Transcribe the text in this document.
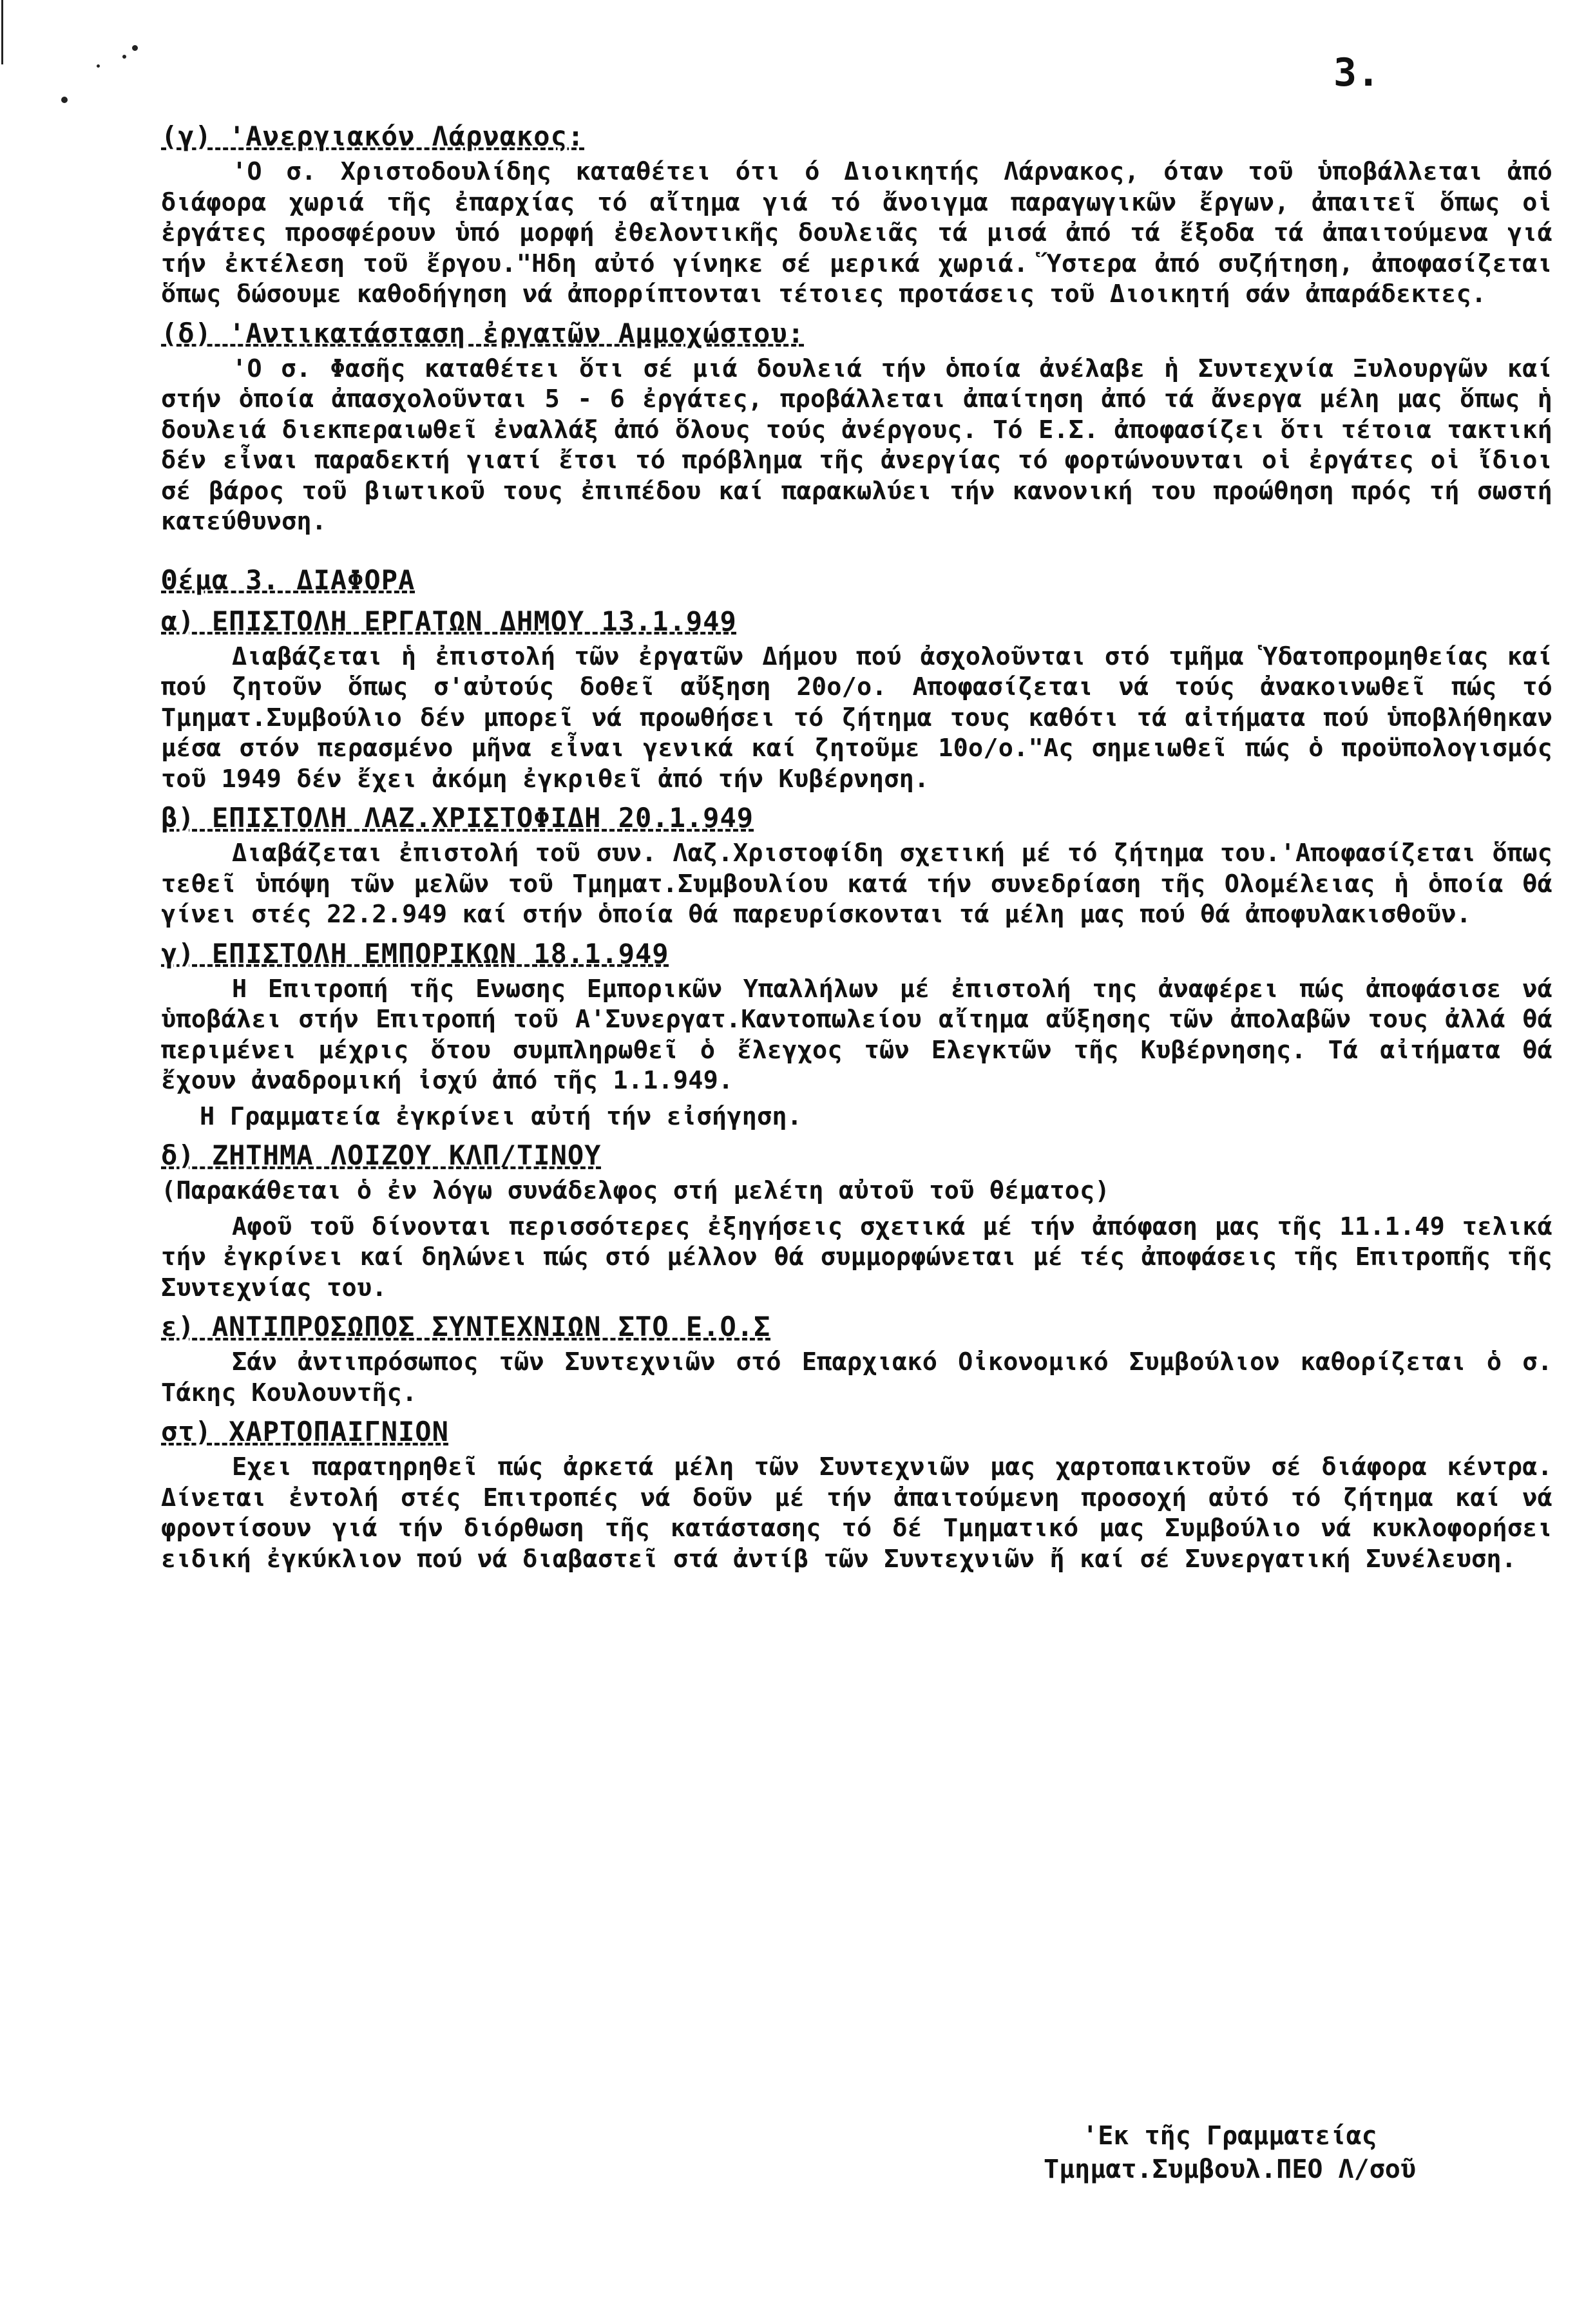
3.
(γ) 'Ανεργιακόν Λάρνακος:

'Ο σ. Χριστοδουλίδης καταθέτει ότι ό Διοικητής Λάρνακος, όταν τοῦ ὑποβάλλεται ἀπό διάφορα χωριά τῆς ἐπαρχίας τό αἴτημα γιά τό ἄνοιγμα παραγωγικῶν ἔργων, ἀπαιτεῖ ὅπως οἱ ἐργάτες προσφέρουν ὑπό μορφή ἐθελοντικῆς δουλειᾶς τά μισά ἀπό τά ἔξοδα τά ἀπαιτούμενα γιά τήν ἐκτέλεση τοῦ ἔργου."Ηδη αὐτό γίνηκε σέ μερικά χωριά. Ὕστερα ἀπό συζήτηση, ἀποφασίζεται ὅπως δώσουμε καθοδήγηση νά ἀπορρίπτονται τέτοιες προτάσεις τοῦ Διοικητή σάν ἀπαράδεκτες.

(δ) 'Αντικατάσταση ἐργατῶν Αμμοχώστου:

'Ο σ. Φασῆς καταθέτει ὅτι σέ μιά δουλειά τήν ὁποία ἀνέλαβε ἡ Συντεχνία Ξυλουργῶν καί στήν ὁποία ἀπασχολοῦνται 5 - 6 ἐργάτες, προβάλλεται ἀπαίτηση ἀπό τά ἄνεργα μέλη μας ὅπως ἡ δουλειά διεκπεραιωθεῖ ἐναλλάξ ἀπό ὅλους τούς ἀνέργους. Τό Ε.Σ. ἀποφασίζει ὅτι τέτοια τακτική δέν εἶναι παραδεκτή γιατί ἔτσι τό πρόβλημα τῆς ἀνεργίας τό φορτώνουνται οἱ ἐργάτες οἱ ἴδιοι σέ βάρος τοῦ βιωτικοῦ τους ἐπιπέδου καί παρακωλύει τήν κανονική του προώθηση πρός τή σωστή κατεύθυνση.

Θέμα 3. ΔΙΑΦΟΡΑ
α) ΕΠΙΣΤΟΛΗ ΕΡΓΑΤΩΝ ΔΗΜΟΥ 13.1.949

Διαβάζεται ἡ ἐπιστολή τῶν ἐργατῶν Δήμου πού ἀσχολοῦνται στό τμῆμα Ὑδατοπρομηθείας καί πού ζητοῦν ὅπως σ'αὐτούς δοθεῖ αὔξηση 20ο/ο. Αποφασίζεται νά τούς ἀνακοινωθεῖ πώς τό Τμηματ.Συμβούλιο δέν μπορεῖ νά προωθήσει τό ζήτημα τους καθότι τά αἰτήματα πού ὑποβλήθηκαν μέσα στόν περασμένο μῆνα εἶναι γενικά καί ζητοῦμε 10ο/ο."Ας σημειωθεῖ πώς ὁ προϋπολογισμός τοῦ 1949 δέν ἔχει ἀκόμη ἐγκριθεῖ ἀπό τήν Κυβέρνηση.

β) ΕΠΙΣΤΟΛΗ ΛΑΖ.ΧΡΙΣΤΟΦΙΔΗ 20.1.949

Διαβάζεται ἐπιστολή τοῦ συν. Λαζ.Χριστοφίδη σχετική μέ τό ζήτημα του.'Αποφασίζεται ὅπως τεθεῖ ὑπόψη τῶν μελῶν τοῦ Τμηματ.Συμβουλίου κατά τήν συνεδρίαση τῆς Ολομέλειας ἡ ὁποία θά γίνει στές 22.2.949 καί στήν ὁποία θά παρευρίσκονται τά μέλη μας πού θά ἀποφυλακισθοῦν.

γ) ΕΠΙΣΤΟΛΗ ΕΜΠΟΡΙΚΩΝ 18.1.949

Η Επιτροπή τῆς Ενωσης Εμπορικῶν Υπαλλήλων μέ ἐπιστολή της ἀναφέρει πώς ἀποφάσισε νά ὑποβάλει στήν Επιτροπή τοῦ Α'Συνεργατ.Καντοπωλείου αἴτημα αὔξησης τῶν ἀπολαβῶν τους ἀλλά θά περιμένει μέχρις ὅτου συμπληρωθεῖ ὁ ἔλεγχος τῶν Ελεγκτῶν τῆς Κυβέρνησης. Τά αἰτήματα θά ἔχουν ἀναδρομική ἰσχύ ἀπό τῆς 1.1.949.

Η Γραμματεία ἐγκρίνει αὐτή τήν εἰσήγηση.

δ) ΖΗΤΗΜΑ ΛΟΙΖΟΥ ΚΛΠ/ΤΙΝΟΥ

(Παρακάθεται ὁ ἐν λόγω συνάδελφος στή μελέτη αὐτοῦ τοῦ θέματος)

Αφοῦ τοῦ δίνονται περισσότερες ἐξηγήσεις σχετικά μέ τήν ἀπόφαση μας τῆς 11.1.49 τελικά τήν ἐγκρίνει καί δηλώνει πώς στό μέλλον θά συμμορφώνεται μέ τές ἀποφάσεις τῆς Επιτροπῆς τῆς Συντεχνίας του.

ε) ΑΝΤΙΠΡΟΣΩΠΟΣ ΣΥΝΤΕΧΝΙΩΝ ΣΤΟ Ε.Ο.Σ

Σάν ἀντιπρόσωπος τῶν Συντεχνιῶν στό Επαρχιακό Οἰκονομικό Συμβούλιον καθορίζεται ὁ σ. Τάκης Κουλουντῆς.

στ) ΧΑΡΤΟΠΑΙΓΝΙΟΝ

Εχει παρατηρηθεῖ πώς ἀρκετά μέλη τῶν Συντεχνιῶν μας χαρτοπαικτοῦν σέ διάφορα κέντρα. Δίνεται ἐντολή στές Επιτροπές νά δοῦν μέ τήν ἀπαιτούμενη προσοχή αὐτό τό ζήτημα καί νά φροντίσουν γιά τήν διόρθωση τῆς κατάστασης τό δέ Τμηματικό μας Συμβούλιο νά κυκλοφορήσει ειδική ἐγκύκλιον πού νά διαβαστεῖ στά ἀντίβ τῶν Συντεχνιῶν ἤ καί σέ Συνεργατική Συνέλευση.

'Εκ τῆς Γραμματείας
Τμηματ.Συμβουλ.ΠΕΟ Λ/σοῦ
